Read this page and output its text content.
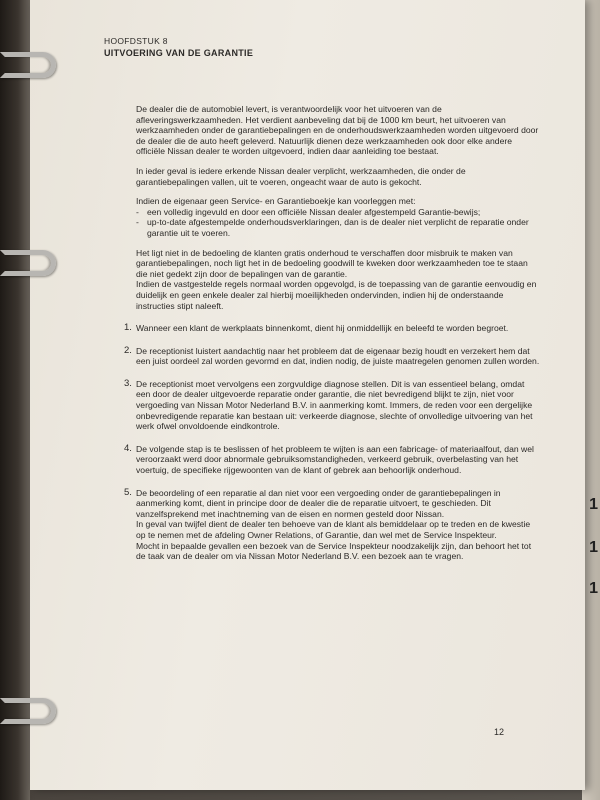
1
1
1
HOOFDSTUK 8
UITVOERING VAN DE GARANTIE
De dealer die de automobiel levert, is verantwoordelijk voor het uitvoeren van de afleveringswerkzaamheden. Het verdient aanbeveling dat bij de 1000 km beurt, het uitvoeren van werkzaamheden onder de garantiebepalingen en de onderhoudswerkzaamheden worden uitgevoerd door de dealer die de auto heeft geleverd. Natuurlijk dienen deze werkzaamheden ook door elke andere officiële Nissan dealer te worden uitgevoerd, indien daar aanleiding toe bestaat.
In ieder geval is iedere erkende Nissan dealer verplicht, werkzaamheden, die onder de garantiebepalingen vallen, uit te voeren, ongeacht waar de auto is gekocht.
Indien de eigenaar geen Service- en Garantieboekje kan voorleggen met:
- een volledig ingevuld en door een officiële Nissan dealer afgestempeld Garantie-bewijs;
- up-to-date afgestempelde onderhoudsverklaringen, dan is de dealer niet verplicht de reparatie onder garantie uit te voeren.
Het ligt niet in de bedoeling de klanten gratis onderhoud te verschaffen door misbruik te maken van garantiebepalingen, noch ligt het in de bedoeling goodwill te kweken door werkzaamheden toe te staan die niet gedekt zijn door de bepalingen van de garantie.
Indien de vastgestelde regels normaal worden opgevolgd, is de toepassing van de garantie eenvoudig en duidelijk en geen enkele dealer zal hierbij moeilijkheden ondervinden, indien hij de onderstaande instructies stipt naleeft.
1. Wanneer een klant de werkplaats binnenkomt, dient hij onmiddellijk en beleefd te worden begroet.
2. De receptionist luistert aandachtig naar het probleem dat de eigenaar bezig houdt en verzekert hem dat een juist oordeel zal worden gevormd en dat, indien nodig, de juiste maatregelen genomen zullen worden.
3. De receptionist moet vervolgens een zorgvuldige diagnose stellen. Dit is van essentieel belang, omdat een door de dealer uitgevoerde reparatie onder garantie, die niet bevredigend blijkt te zijn, niet voor vergoeding van Nissan Motor Nederland B.V. in aanmerking komt. Immers, de reden voor een dergelijke onbevredigende reparatie kan bestaan uit: verkeerde diagnose, slechte of onvolledige uitvoering van het werk ofwel onvoldoende eindkontrole.
4. De volgende stap is te beslissen of het probleem te wijten is aan een fabricage- of materiaalfout, dan wel veroorzaakt werd door abnormale gebruiksomstandigheden, verkeerd gebruik, overbelasting van het voertuig, de specifieke rijgewoonten van de klant of gebrek aan behoorlijk onderhoud.
5. De beoordeling of een reparatie al dan niet voor een vergoeding onder de garantiebepalingen in aanmerking komt, dient in principe door de dealer die de reparatie uitvoert, te geschieden. Dit vanzelfsprekend met inachtneming van de eisen en normen gesteld door Nissan.
In geval van twijfel dient de dealer ten behoeve van de klant als bemiddelaar op te treden en de kwestie op te nemen met de afdeling Owner Relations, of Garantie, dan wel met de Service Inspekteur.
Mocht in bepaalde gevallen een bezoek van de Service Inspekteur noodzakelijk zijn, dan behoort het tot de taak van de dealer om via Nissan Motor Nederland B.V. een bezoek aan te vragen.
12
